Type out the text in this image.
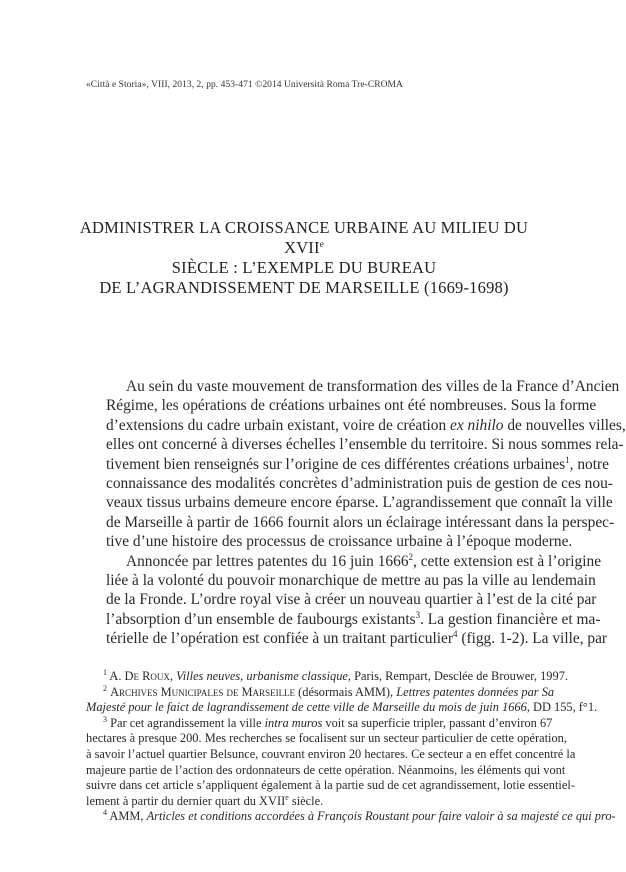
«Città e Storia», VIII, 2013, 2, pp. 453-471 ©2014 Università Roma Tre-CROMA
ADMINISTRER LA CROISSANCE URBAINE AU MILIEU DU XVIIe
SIÈCLE : L’EXEMPLE DU BUREAU
DE L’AGRANDISSEMENT DE MARSEILLE (1669-1698)

Au sein du vaste mouvement de transformation des villes de la France d’Ancien
Régime, les opérations de créations urbaines ont été nombreuses. Sous la forme
d’extensions du cadre urbain existant, voire de création ex nihilo de nouvelles villes,
elles ont concerné à diverses échelles l’ensemble du territoire. Si nous sommes rela-
tivement bien renseignés sur l’origine de ces différentes créations urbaines$^1$, notre
connaissance des modalités concrètes d’administration puis de gestion de ces nou-
veaux tissus urbains demeure encore éparse. L’agrandissement que connaît la ville
de Marseille à partir de 1666 fournit alors un éclairage intéressant dans la perspec-
tive d’une histoire des processus de croissance urbaine à l’époque moderne.

Annoncée par lettres patentes du 16 juin 1666$^2$, cette extension est à l’origine
liée à la volonté du pouvoir monarchique de mettre au pas la ville au lendemain
de la Fronde. L’ordre royal vise à créer un nouveau quartier à l’est de la cité par
l’absorption d’un ensemble de faubourgs existants$^3$. La gestion financière et ma-
térielle de l’opération est confiée à un traitant particulier$^4$ (figg. 1-2). La ville, par

$^1$ A. De Roux, Villes neuves, urbanisme classique, Paris, Rempart, Desclée de Brouwer, 1997.
$^2$ Archives Municipales de Marseille (désormais AMM), Lettres patentes données par Sa
Majesté pour le faict de lagrandissement de cette ville de Marseille du mois de juin 1666, DD 155, f°1.
$^3$ Par cet agrandissement la ville intra muros voit sa superficie tripler, passant d’environ 67
hectares à presque 200. Mes recherches se focalisent sur un secteur particulier de cette opération,
à savoir l’actuel quartier Belsunce, couvrant environ 20 hectares. Ce secteur a en effet concentré la
majeure partie de l’action des ordonnateurs de cette opération. Néanmoins, les éléments qui vont
suivre dans cet article s’appliquent également à la partie sud de cet agrandissement, lotie essentiel-
lement à partir du dernier quart du XVIIe siècle.
$^4$ AMM, Articles et conditions accordées à François Roustant pour faire valoir à sa majesté ce qui pro-
